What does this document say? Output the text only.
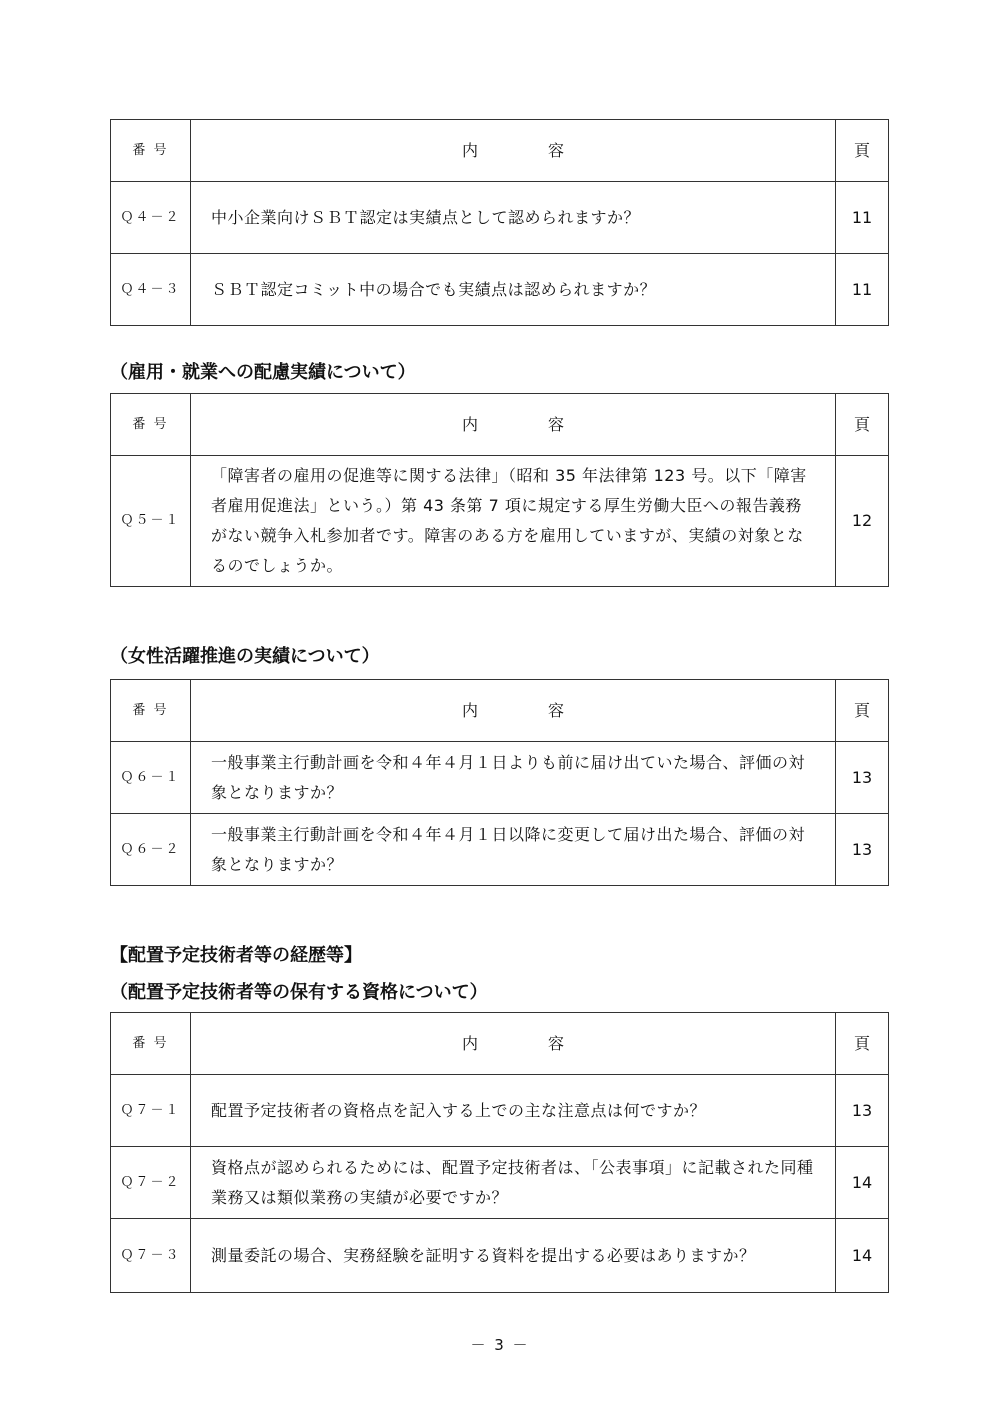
番 号	内 容	頁
Ｑ４－２	中小企業向けＳＢＴ認定は実績点として認められますか？	11
Ｑ４－３	ＳＢＴ認定コミット中の場合でも実績点は認められますか？	11
（雇用・就業への配慮実績について）
番 号	内 容	頁
Ｑ５－１	「障害者の雇用の促進等に関する法律」（昭和 35 年法律第 123 号。以下「障害者雇用促進法」という。）第 43 条第 7 項に規定する厚生労働大臣への報告義務がない競争入札参加者です。障害のある方を雇用していますが、実績の対象となるのでしょうか。	12
（女性活躍推進の実績について）
番 号	内 容	頁
Ｑ６－１	一般事業主行動計画を令和４年４月１日よりも前に届け出ていた場合、評価の対象となりますか？	13
Ｑ６－２	一般事業主行動計画を令和４年４月１日以降に変更して届け出た場合、評価の対象となりますか？	13
【配置予定技術者等の経歴等】
（配置予定技術者等の保有する資格について）
番 号	内 容	頁
Ｑ７－１	配置予定技術者の資格点を記入する上での主な注意点は何ですか？	13
Ｑ７－２	資格点が認められるためには、配置予定技術者は、「公表事項」に記載された同種業務又は類似業務の実績が必要ですか？	14
Ｑ７－３	測量委託の場合、実務経験を証明する資料を提出する必要はありますか？	14
－ 3 －
